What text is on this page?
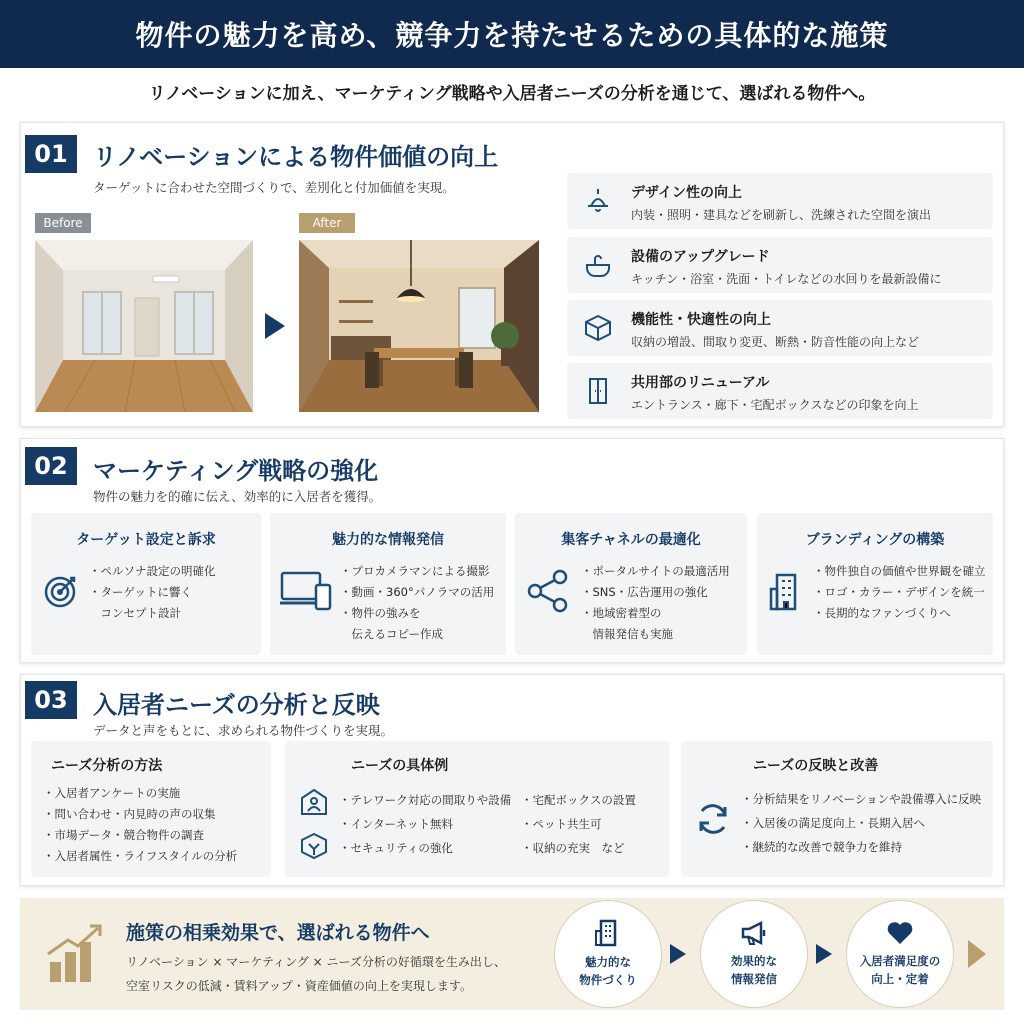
物件の魅力を高め、競争力を持たせるための具体的な施策
リノベーションに加え、マーケティング戦略や入居者ニーズの分析を通じて、選ばれる物件へ。
01	リノベーションによる物件価値の向上
ターゲットに合わせた空間づくりで、差別化と付加価値を実現。
Before	After
デザイン性の向上
内装・照明・建具などを刷新し、洗練された空間を演出
設備のアップグレード
キッチン・浴室・洗面・トイレなどの水回りを最新設備に
機能性・快適性の向上
収納の増設、間取り変更、断熱・防音性能の向上など
共用部のリニューアル
エントランス・廊下・宅配ボックスなどの印象を向上
02	マーケティング戦略の強化
物件の魅力を的確に伝え、効率的に入居者を獲得。
ターゲット設定と訴求
・ペルソナ設定の明確化
・ターゲットに響く
　コンセプト設計
魅力的な情報発信
・プロカメラマンによる撮影
・動画・360°パノラマの活用
・物件の強みを
　伝えるコピー作成
集客チャネルの最適化
・ポータルサイトの最適活用
・SNS・広告運用の強化
・地域密着型の
　情報発信も実施
ブランディングの構築
・物件独自の価値や世界観を確立
・ロゴ・カラー・デザインを統一
・長期的なファンづくりへ
03	入居者ニーズの分析と反映
データと声をもとに、求められる物件づくりを実現。
ニーズ分析の方法
・入居者アンケートの実施
・問い合わせ・内見時の声の収集
・市場データ・競合物件の調査
・入居者属性・ライフスタイルの分析
ニーズの具体例
・テレワーク対応の間取りや設備
・インターネット無料
・セキュリティの強化
・宅配ボックスの設置
・ペット共生可
・収納の充実　など
ニーズの反映と改善
・分析結果をリノベーションや設備導入に反映
・入居後の満足度向上・長期入居へ
・継続的な改善で競争力を維持
施策の相乗効果で、選ばれる物件へ
リノベーション × マーケティング × ニーズ分析の好循環を生み出し、
空室リスクの低減・賃料アップ・資産価値の向上を実現します。
魅力的な
物件づくり
効果的な
情報発信
入居者満足度の
向上・定着
